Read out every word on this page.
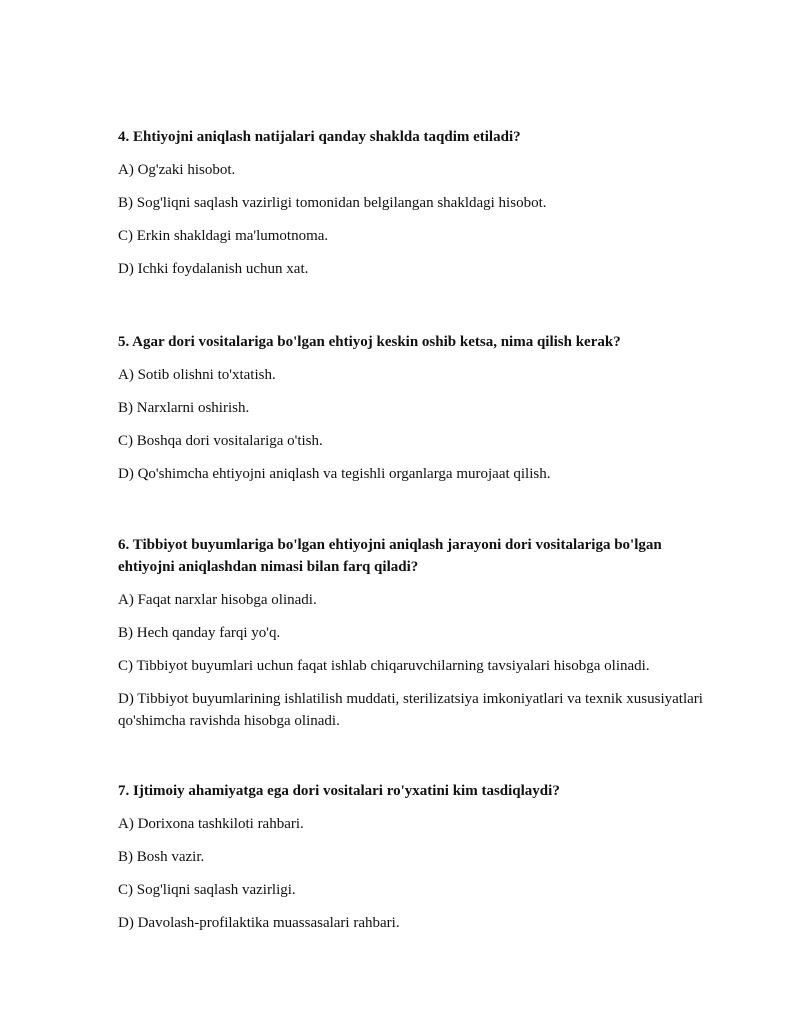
4. Ehtiyojni aniqlash natijalari qanday shaklda taqdim etiladi?

A) Og'zaki hisobot.

B) Sog'liqni saqlash vazirligi tomonidan belgilangan shakldagi hisobot.

C) Erkin shakldagi ma'lumotnoma.

D) Ichki foydalanish uchun xat.

5. Agar dori vositalariga bo'lgan ehtiyoj keskin oshib ketsa, nima qilish kerak?

A) Sotib olishni to'xtatish.

B) Narxlarni oshirish.

C) Boshqa dori vositalariga o'tish.

D) Qo'shimcha ehtiyojni aniqlash va tegishli organlarga murojaat qilish.

6. Tibbiyot buyumlariga bo'lgan ehtiyojni aniqlash jarayoni dori vositalariga bo'lgan ehtiyojni aniqlashdan nimasi bilan farq qiladi?

A) Faqat narxlar hisobga olinadi.

B) Hech qanday farqi yo'q.

C) Tibbiyot buyumlari uchun faqat ishlab chiqaruvchilarning tavsiyalari hisobga olinadi.

D) Tibbiyot buyumlarining ishlatilish muddati, sterilizatsiya imkoniyatlari va texnik xususiyatlari qo'shimcha ravishda hisobga olinadi.

7. Ijtimoiy ahamiyatga ega dori vositalari ro'yxatini kim tasdiqlaydi?

A) Dorixona tashkiloti rahbari.

B) Bosh vazir.

C) Sog'liqni saqlash vazirligi.

D) Davolash-profilaktika muassasalari rahbari.
